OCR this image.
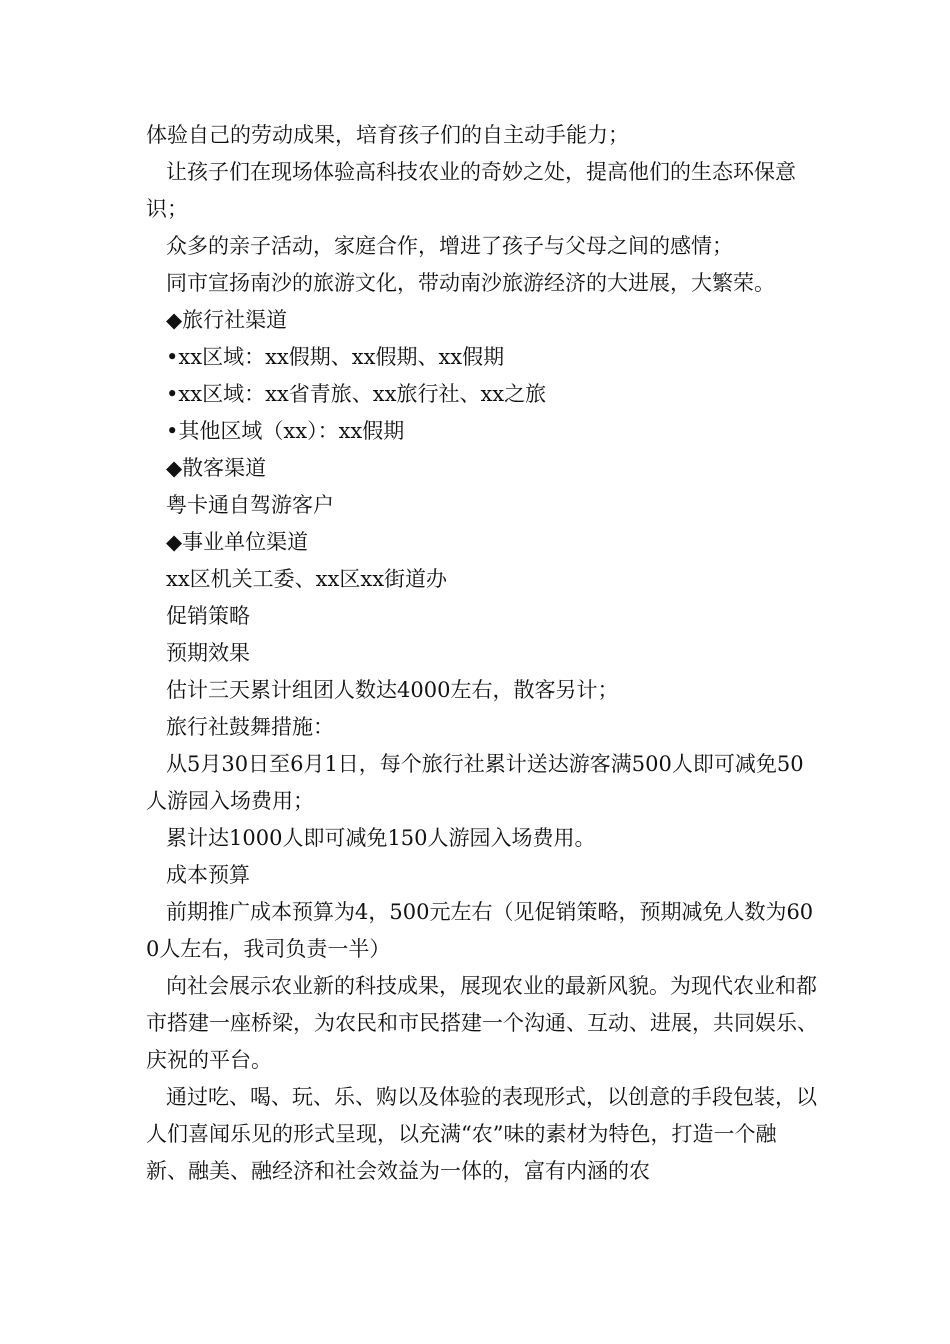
体验自己的劳动成果，培育孩子们的自主动手能力；

让孩子们在现场体验高科技农业的奇妙之处，提高他们的生态环保意识；

众多的亲子活动，家庭合作，增进了孩子与父母之间的感情；

同市宣扬南沙的旅游文化，带动南沙旅游经济的大进展，大繁荣。

◆旅行社渠道

•xx区域：xx假期、xx假期、xx假期

•xx区域：xx省青旅、xx旅行社、xx之旅

•其他区域（xx）：xx假期

◆散客渠道

粤卡通自驾游客户

◆事业单位渠道

xx区机关工委、xx区xx街道办

促销策略

预期效果

估计三天累计组团人数达4000左右，散客另计；

旅行社鼓舞措施：

从5月30日至6月1日，每个旅行社累计送达游客满500人即可减免50人游园入场费用；

累计达1000人即可减免150人游园入场费用。

成本预算

前期推广成本预算为4，500元左右（见促销策略，预期减免人数为600人左右，我司负责一半）

向社会展示农业新的科技成果，展现农业的最新风貌。为现代农业和都市搭建一座桥梁，为农民和市民搭建一个沟通、互动、进展，共同娱乐、庆祝的平台。

通过吃、喝、玩、乐、购以及体验的表现形式，以创意的手段包装，以人们喜闻乐见的形式呈现，以充满“农”味的素材为特色，打造一个融新、融美、融经济和社会效益为一体的，富有内涵的农
